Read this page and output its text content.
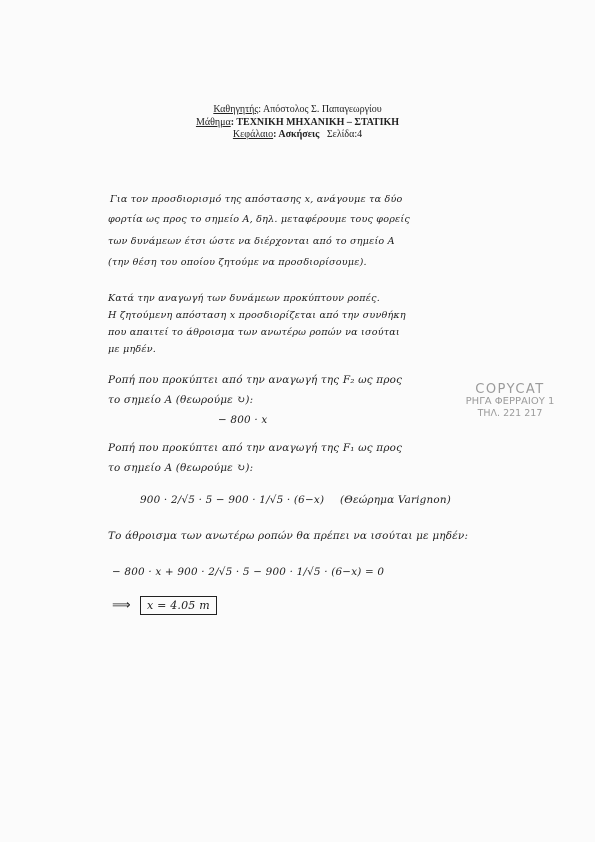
Καθηγητής: Απόστολος Σ. Παπαγεωργίου
Μάθημα: ΤΕΧΝΙΚΗ ΜΗΧΑΝΙΚΗ – ΣΤΑΤΙΚΗ
Κεφάλαιο: Ασκήσεις Σελίδα:4
Για τον προσδιορισμό της απόστασης x, ανάγουμε τα δύο
φορτία ως προς το σημείο A, δηλ. μεταφέρουμε τους φορείς
των δυνάμεων έτσι ώστε να διέρχονται από το σημείο A
(την θέση του οποίου ζητούμε να προσδιορίσουμε).
Κατά την αναγωγή των δυνάμεων προκύπτουν ροπές.
Η ζητούμενη απόσταση x προσδιορίζεται από την συνθήκη
που απαιτεί το άθροισμα των ανωτέρω ροπών να ισούται
με μηδέν.
Ροπή που προκύπτει από την αναγωγή της F₂ ως προς
το σημείο A (θεωρούμε ↻):
− 800 · x
COPYCAT
ΡΗΓΑ ΦΕΡΡΑΙΟΥ 1
ΤΗΛ. 221 217
Ροπή που προκύπτει από την αναγωγή της F₁ ως προς
το σημείο A (θεωρούμε ↻):
900 · 2/√5 · 5 − 900 · 1/√5 · (6−x) (Θεώρημα Varignon)
Το άθροισμα των ανωτέρω ροπών θα πρέπει να ισούται με μηδέν:
− 800 · x + 900 · 2/√5 · 5 − 900 · 1/√5 · (6−x) = 0
⟹	x = 4.05 m
